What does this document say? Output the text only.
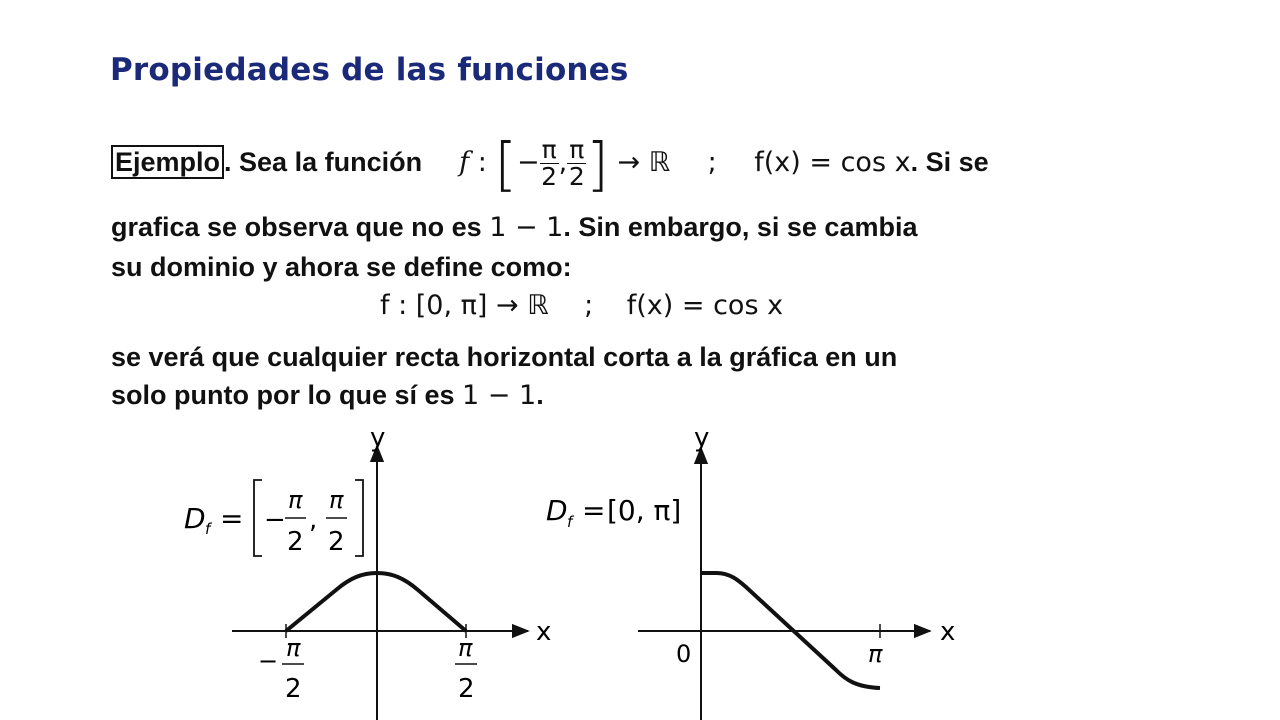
Propiedades de las funciones
Ejemplo . Sea la función f : [− $\frac{\pi}{2}$ , $\frac{\pi}{2}$ ] → ℝ ; f(x) = cos x. Si se
grafica se observa que no es 1 − 1. Sin embargo, si se cambia
su dominio y ahora se define como:
f : [0, π] → ℝ ; f(x) = cos x
se verá que cualquier recta horizontal corta a la gráfica en un
solo punto por lo que sí es 1 − 1.
y
x
D f = −
π
2
,
π
2
− π
2
π
2
y
x
D f = [0, π]
0	π
